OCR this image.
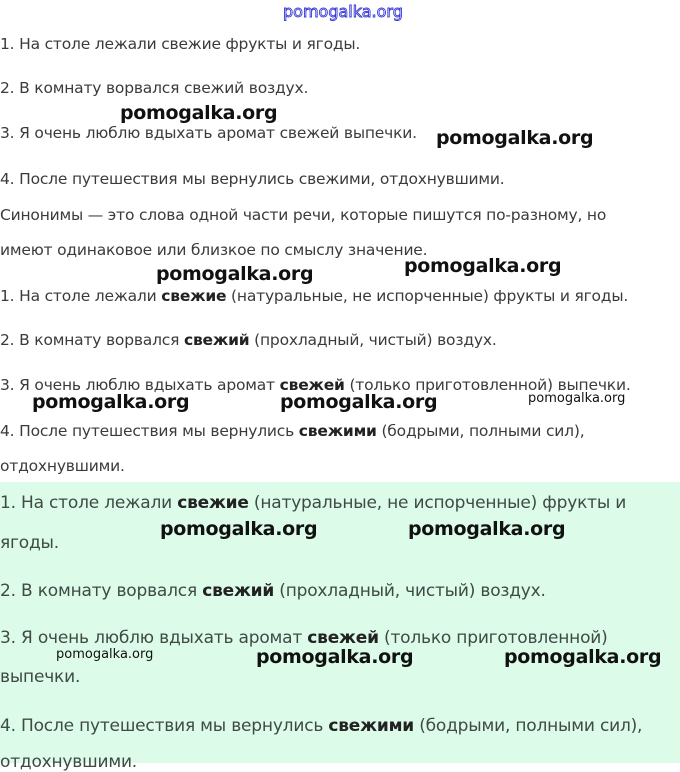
pomogalka.org
1. На столе лежали свежие фрукты и ягоды.
2. В комнату ворвался свежий воздух.
3. Я очень люблю вдыхать аромат свежей выпечки.
4. После путешествия мы вернулись свежими, отдохнувшими.
Синонимы — это слова одной части речи, которые пишутся по-разному, но
имеют одинаковое или близкое по смыслу значение.
1. На столе лежали свежие (натуральные, не испорченные) фрукты и ягоды.
2. В комнату ворвался свежий (прохладный, чистый) воздух.
3. Я очень люблю вдыхать аромат свежей (только приготовленной) выпечки.
4. После путешествия мы вернулись свежими (бодрыми, полными сил),
отдохнувшими.
1. На столе лежали свежие (натуральные, не испорченные) фрукты и
ягоды.
2. В комнату ворвался свежий (прохладный, чистый) воздух.
3. Я очень люблю вдыхать аромат свежей (только приготовленной)
выпечки.
4. После путешествия мы вернулись свежими (бодрыми, полными сил),
отдохнувшими.
pomogalka.org
pomogalka.org
pomogalka.org	pomogalka.org
pomogalka.org	pomogalka.org	pomogalka.org
pomogalka.org	pomogalka.org
pomogalka.org	pomogalka.org	pomogalka.org
